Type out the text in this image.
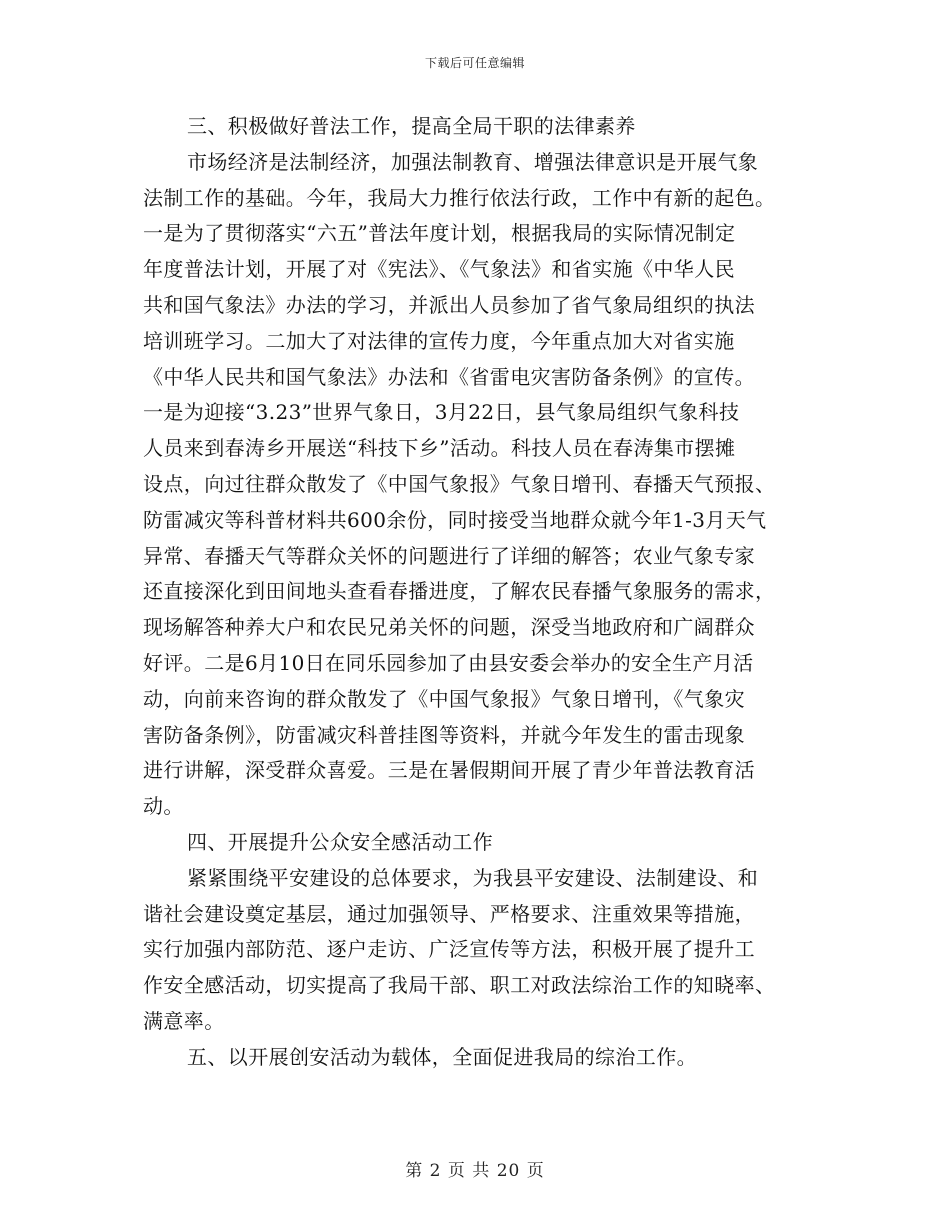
下载后可任意编辑
三、积极做好普法工作，提高全局干职的法律素养
市场经济是法制经济，加强法制教育、增强法律意识是开展气象
法制工作的基础。今年，我局大力推行依法行政，工作中有新的起色。
一是为了贯彻落实“六五”普法年度计划，根据我局的实际情况制定
年度普法计划，开展了对《宪法》、《气象法》和省实施《中华人民
共和国气象法》办法的学习，并派出人员参加了省气象局组织的执法
培训班学习。二加大了对法律的宣传力度，今年重点加大对省实施
《中华人民共和国气象法》办法和《省雷电灾害防备条例》的宣传。
一是为迎接“3.23”世界气象日，3月22日，县气象局组织气象科技
人员来到春涛乡开展送“科技下乡”活动。科技人员在春涛集市摆摊
设点，向过往群众散发了《中国气象报》气象日增刊、春播天气预报、
防雷减灾等科普材料共600余份，同时接受当地群众就今年1-3月天气
异常、春播天气等群众关怀的问题进行了详细的解答；农业气象专家
还直接深化到田间地头查看春播进度，了解农民春播气象服务的需求，
现场解答种养大户和农民兄弟关怀的问题，深受当地政府和广阔群众
好评。二是6月10日在同乐园参加了由县安委会举办的安全生产月活
动，向前来咨询的群众散发了《中国气象报》气象日增刊，《气象灾
害防备条例》，防雷减灾科普挂图等资料，并就今年发生的雷击现象
进行讲解，深受群众喜爱。三是在暑假期间开展了青少年普法教育活
动。
四、开展提升公众安全感活动工作
紧紧围绕平安建设的总体要求，为我县平安建设、法制建设、和
谐社会建设奠定基层，通过加强领导、严格要求、注重效果等措施，
实行加强内部防范、逐户走访、广泛宣传等方法，积极开展了提升工
作安全感活动，切实提高了我局干部、职工对政法综治工作的知晓率、
满意率。
五、以开展创安活动为载体，全面促进我局的综治工作。
第 2 页 共 20 页
